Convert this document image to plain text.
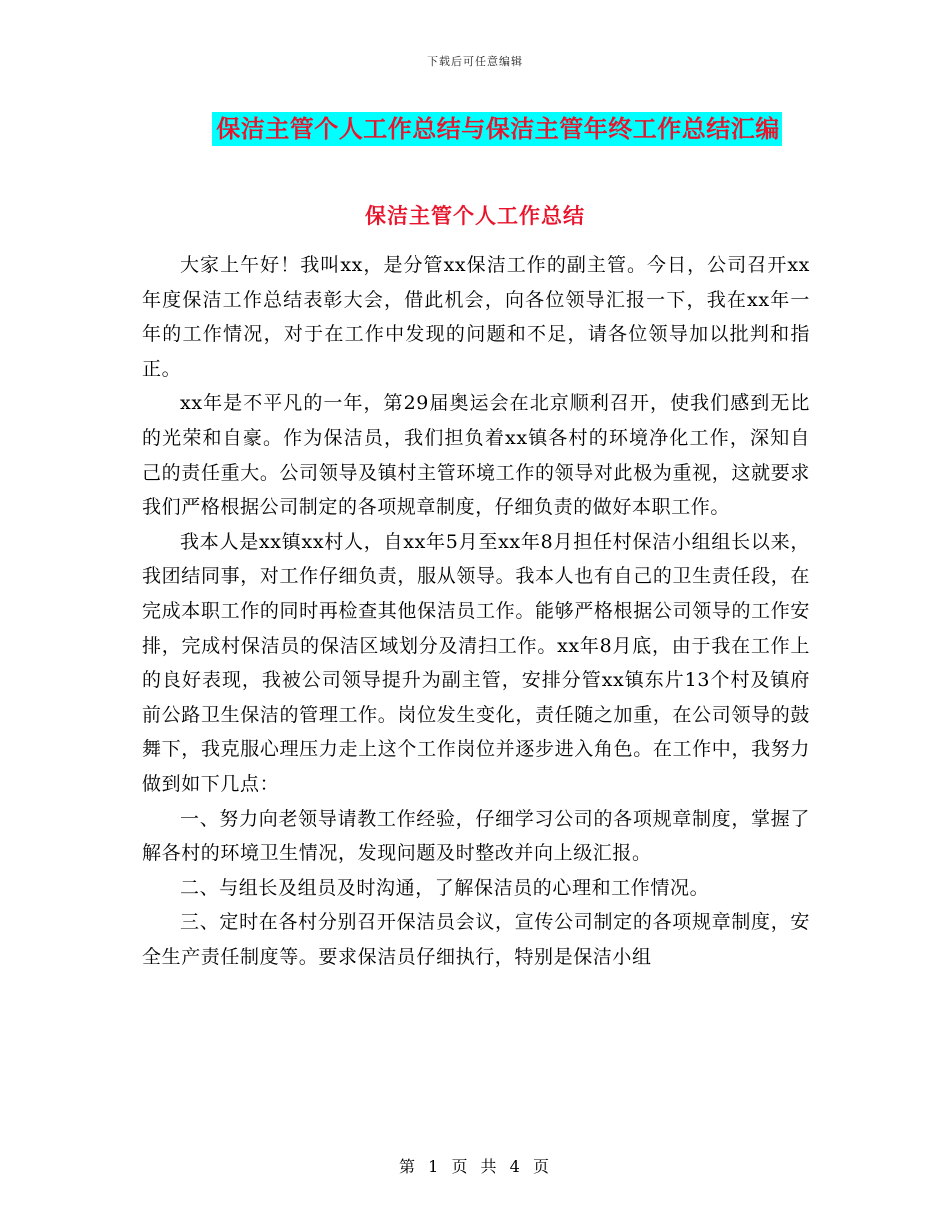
下载后可任意编辑
保洁主管个人工作总结与保洁主管年终工作总结汇编
保洁主管个人工作总结

大家上午好！我叫xx，是分管xx保洁工作的副主管。今日，公司召开xx年度保洁工作总结表彰大会，借此机会，向各位领导汇报一下，我在xx年一年的工作情况，对于在工作中发现的问题和不足，请各位领导加以批判和指正。

xx年是不平凡的一年，第29届奥运会在北京顺利召开，使我们感到无比的光荣和自豪。作为保洁员，我们担负着xx镇各村的环境净化工作，深知自己的责任重大。公司领导及镇村主管环境工作的领导对此极为重视，这就要求我们严格根据公司制定的各项规章制度，仔细负责的做好本职工作。

我本人是xx镇xx村人，自xx年5月至xx年8月担任村保洁小组组长以来，我团结同事，对工作仔细负责，服从领导。我本人也有自己的卫生责任段，在完成本职工作的同时再检查其他保洁员工作。能够严格根据公司领导的工作安排，完成村保洁员的保洁区域划分及清扫工作。xx年8月底，由于我在工作上的良好表现，我被公司领导提升为副主管，安排分管xx镇东片13个村及镇府前公路卫生保洁的管理工作。岗位发生变化，责任随之加重，在公司领导的鼓舞下，我克服心理压力走上这个工作岗位并逐步进入角色。在工作中，我努力做到如下几点：

一、努力向老领导请教工作经验，仔细学习公司的各项规章制度，掌握了解各村的环境卫生情况，发现问题及时整改并向上级汇报。

二、与组长及组员及时沟通，了解保洁员的心理和工作情况。

三、定时在各村分别召开保洁员会议，宣传公司制定的各项规章制度，安全生产责任制度等。要求保洁员仔细执行，特别是保洁小组

第 1 页 共 4 页
